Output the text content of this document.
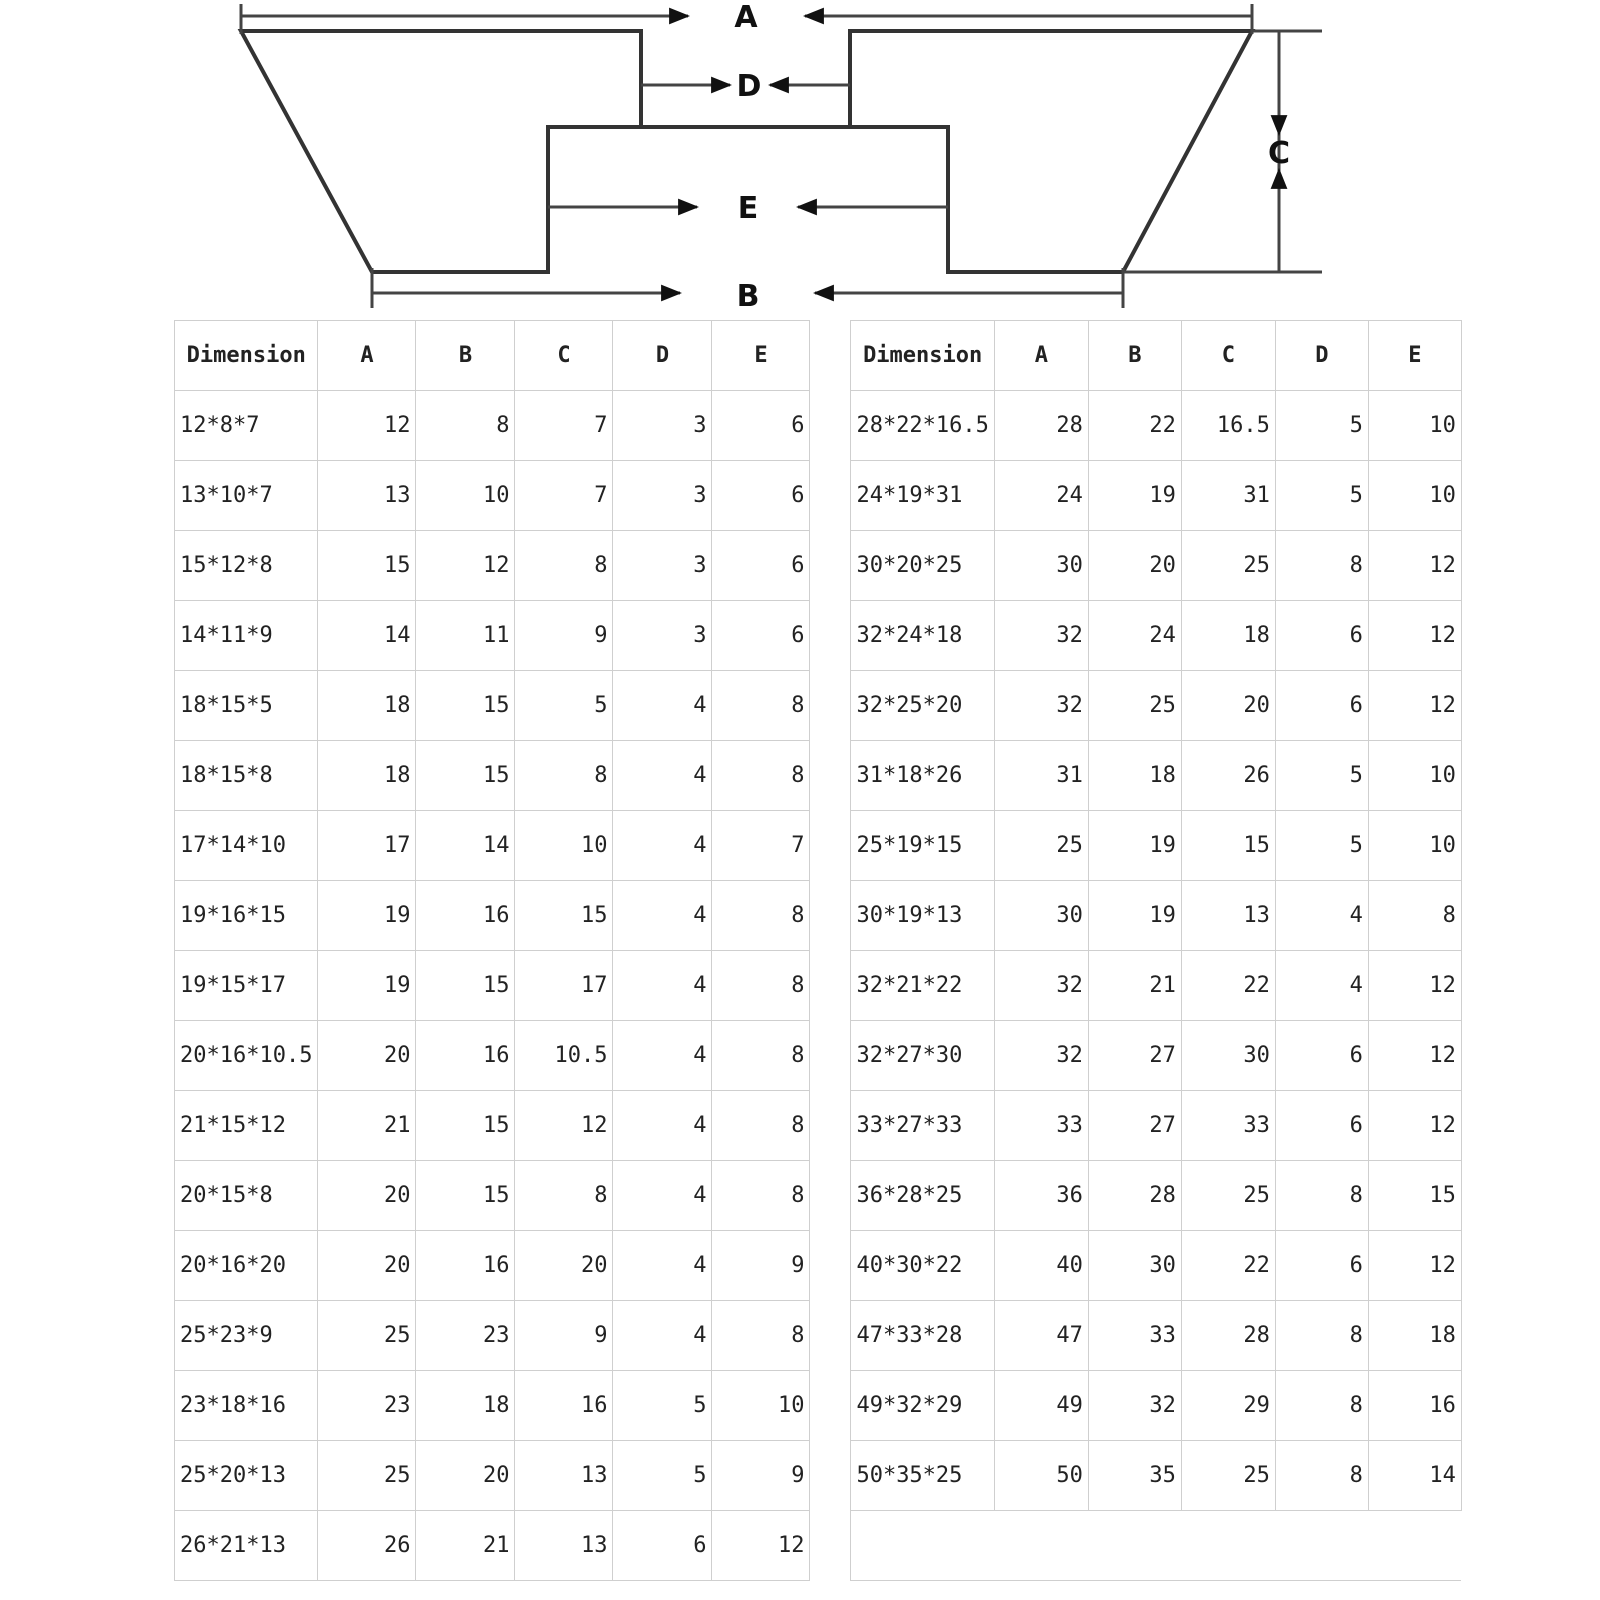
A
D
E
B
C
Dimension	A	B	C	D	E		Dimension	A	B	C	D	E
12*8*7	12	8	7	3	6		28*22*16.5	28	22	16.5	5	10
13*10*7	13	10	7	3	6		24*19*31	24	19	31	5	10
15*12*8	15	12	8	3	6		30*20*25	30	20	25	8	12
14*11*9	14	11	9	3	6		32*24*18	32	24	18	6	12
18*15*5	18	15	5	4	8		32*25*20	32	25	20	6	12
18*15*8	18	15	8	4	8		31*18*26	31	18	26	5	10
17*14*10	17	14	10	4	7		25*19*15	25	19	15	5	10
19*16*15	19	16	15	4	8		30*19*13	30	19	13	4	8
19*15*17	19	15	17	4	8		32*21*22	32	21	22	4	12
20*16*10.5	20	16	10.5	4	8		32*27*30	32	27	30	6	12
21*15*12	21	15	12	4	8		33*27*33	33	27	33	6	12
20*15*8	20	15	8	4	8		36*28*25	36	28	25	8	15
20*16*20	20	16	20	4	9		40*30*22	40	30	22	6	12
25*23*9	25	23	9	4	8		47*33*28	47	33	28	8	18
23*18*16	23	18	16	5	10		49*32*29	49	32	29	8	16
25*20*13	25	20	13	5	9		50*35*25	50	35	25	8	14
26*21*13	26	21	13	6	12							
